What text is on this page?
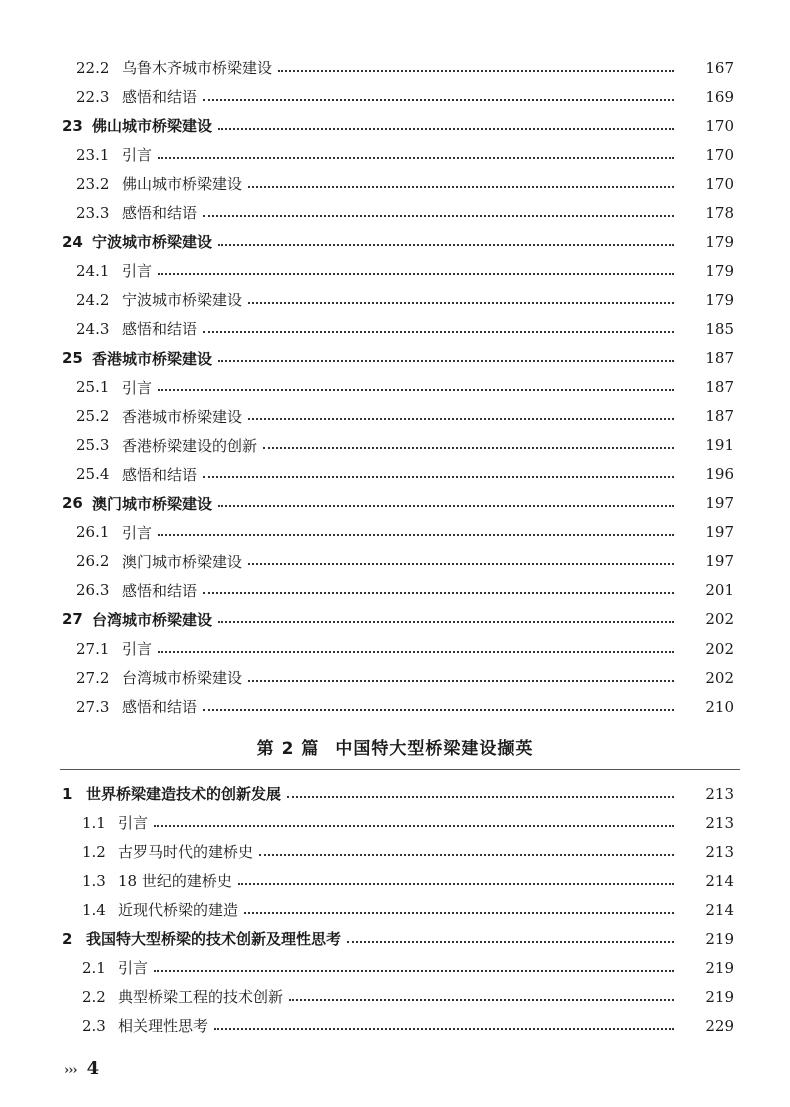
22.2 乌鲁木齐城市桥梁建设	167
22.3 感悟和结语	169
23 佛山城市桥梁建设	170
23.1 引言	170
23.2 佛山城市桥梁建设	170
23.3 感悟和结语	178
24 宁波城市桥梁建设	179
24.1 引言	179
24.2 宁波城市桥梁建设	179
24.3 感悟和结语	185
25 香港城市桥梁建设	187
25.1 引言	187
25.2 香港城市桥梁建设	187
25.3 香港桥梁建设的创新	191
25.4 感悟和结语	196
26 澳门城市桥梁建设	197
26.1 引言	197
26.2 澳门城市桥梁建设	197
26.3 感悟和结语	201
27 台湾城市桥梁建设	202
27.1 引言	202
27.2 台湾城市桥梁建设	202
27.3 感悟和结语	210
第 2 篇 中国特大型桥梁建设撷英
1 世界桥梁建造技术的创新发展	213
1.1 引言	213
1.2 古罗马时代的建桥史	213
1.3 18 世纪的建桥史	214
1.4 近现代桥梁的建造	214
2 我国特大型桥梁的技术创新及理性思考	219
2.1 引言	219
2.2 典型桥梁工程的技术创新	219
2.3 相关理性思考	229
››› 4
